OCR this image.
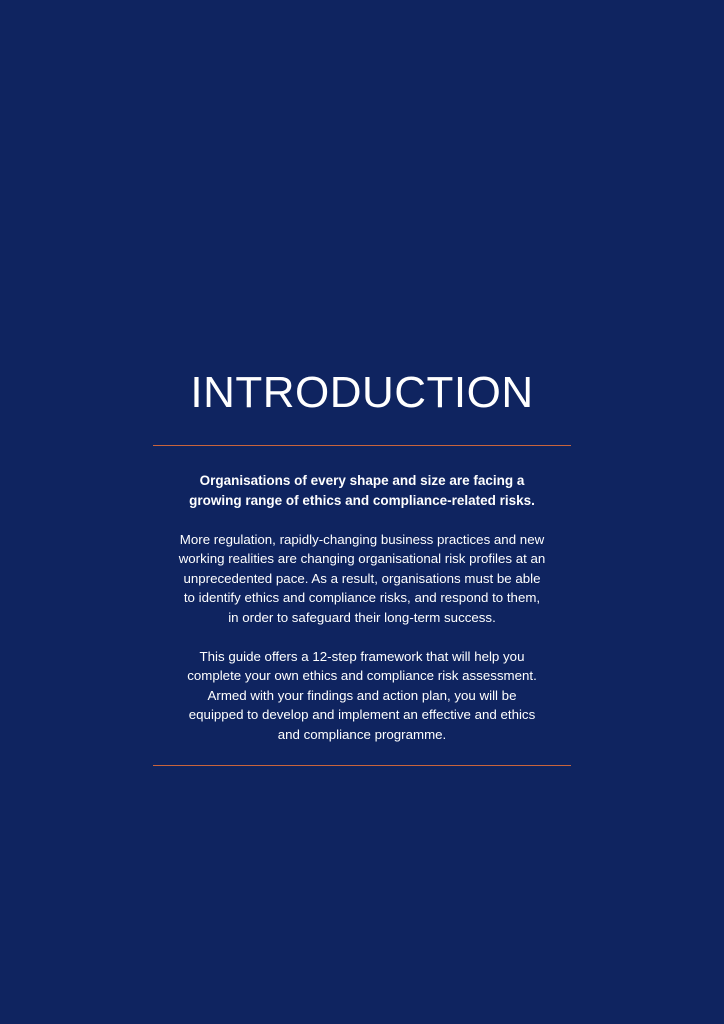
INTRODUCTION

Organisations of every shape and size are facing a
growing range of ethics and compliance-related risks.

More regulation, rapidly-changing business practices and new
working realities are changing organisational risk profiles at an
unprecedented pace. As a result, organisations must be able
to identify ethics and compliance risks, and respond to them,
in order to safeguard their long-term success.

This guide offers a 12-step framework that will help you
complete your own ethics and compliance risk assessment.
Armed with your findings and action plan, you will be
equipped to develop and implement an effective and ethics
and compliance programme.
